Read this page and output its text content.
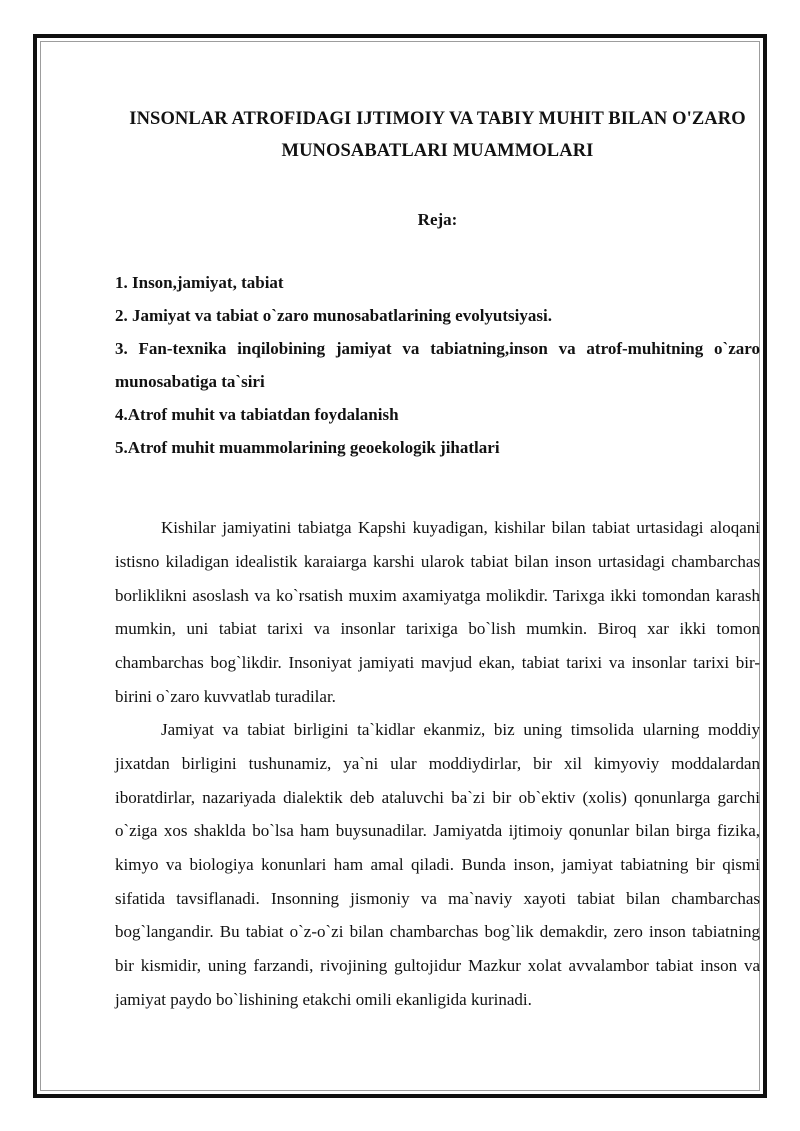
INSONLAR ATROFIDAGI IJTIMOIY VA TABIY MUHIT BILAN O'ZARO
MUNOSABATLARI MUAMMOLARI
Reja:
1. Inson,jamiyat, tabiat
2. Jamiyat va tabiat o`zaro munosabatlarining evolyutsiyasi.
3. Fan-texnika inqilobining jamiyat va tabiatning,inson va atrof-muhitning o`zaro munosabatiga ta`siri
4.Atrof muhit va tabiatdan foydalanish
5.Atrof muhit muammolarining geoekologik jihatlari

Kishilar jamiyatini tabiatga Kapshi kuyadigan, kishilar bilan tabiat urtasidagi aloqani istisno kiladigan idealistik karaiarga karshi ularok tabiat bilan inson urtasidagi chambarchas borliklikni asoslash va ko`rsatish muxim axamiyatga molikdir. Tarixga ikki tomondan karash mumkin, uni tabiat tarixi va insonlar tarixiga bo`lish mumkin. Biroq xar ikki tomon chambarchas bog`likdir. Insoniyat jamiyati mavjud ekan, tabiat tarixi va insonlar tarixi bir-birini o`zaro kuvvatlab turadilar.

Jamiyat va tabiat birligini ta`kidlar ekanmiz, biz uning timsolida ularning moddiy jixatdan birligini tushunamiz, ya`ni ular moddiydirlar, bir xil kimyoviy moddalardan iboratdirlar, nazariyada dialektik deb ataluvchi ba`zi bir ob`ektiv (xolis) qonunlarga garchi o`ziga xos shaklda bo`lsa ham buysunadilar. Jamiyatda ijtimoiy qonunlar bilan birga fizika, kimyo va biologiya konunlari ham amal qiladi. Bunda inson, jamiyat tabiatning bir qismi sifatida tavsiflanadi. Insonning jismoniy va ma`naviy xayoti tabiat bilan chambarchas bog`langandir. Bu tabiat o`z-o`zi bilan chambarchas bog`lik demakdir, zero inson tabiatning bir kismidir, uning farzandi, rivojining gultojidur Mazkur xolat avvalambor tabiat inson va jamiyat paydo bo`lishining etakchi omili ekanligida kurinadi.
